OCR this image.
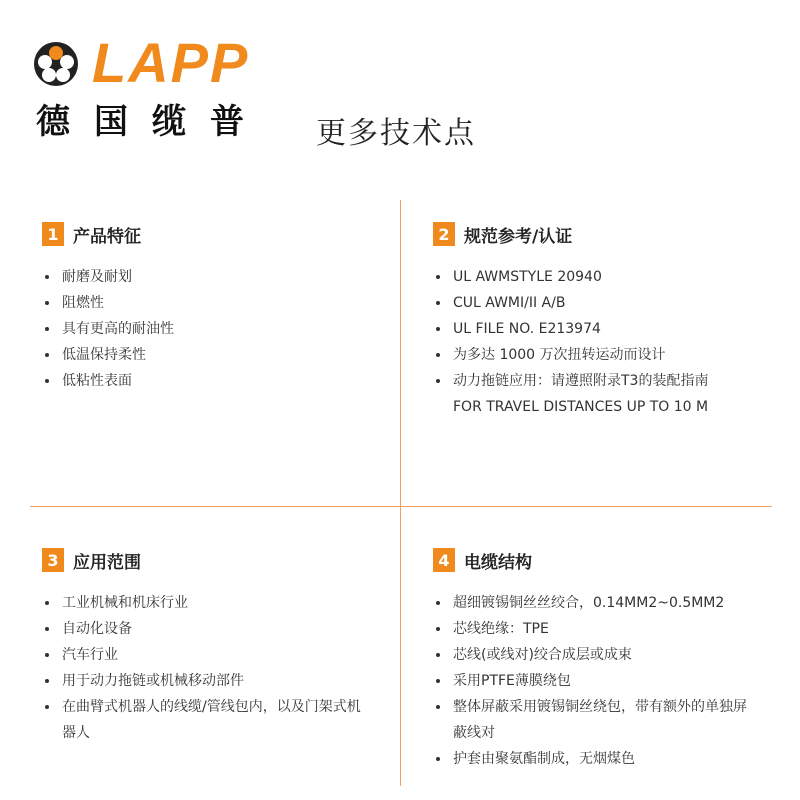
LAPP
德国缆普 更多技术点
1 产品特征
耐磨及耐划
阻燃性
具有更高的耐油性
低温保持柔性
低粘性表面
2 规范参考/认证
UL AWMSTYLE 20940
CUL AWMI/II A/B
UL FILE NO. E213974
为多达 1000 万次扭转运动而设计
动力拖链应用：请遵照附录T3的装配指南 FOR TRAVEL DISTANCES UP TO 10 M
3 应用范围
工业机械和机床行业
自动化设备
汽车行业
用于动力拖链或机械移动部件
在曲臂式机器人的线缆/管线包内，以及门架式机器人
4 电缆结构
超细镀锡铜丝丝绞合，0.14MM2~0.5MM2
芯线绝缘：TPE
芯线(或线对)绞合成层或成束
采用PTFE薄膜绕包
整体屏蔽采用镀锡铜丝绕包，带有额外的单独屏蔽线对
护套由聚氨酯制成，无烟煤色
